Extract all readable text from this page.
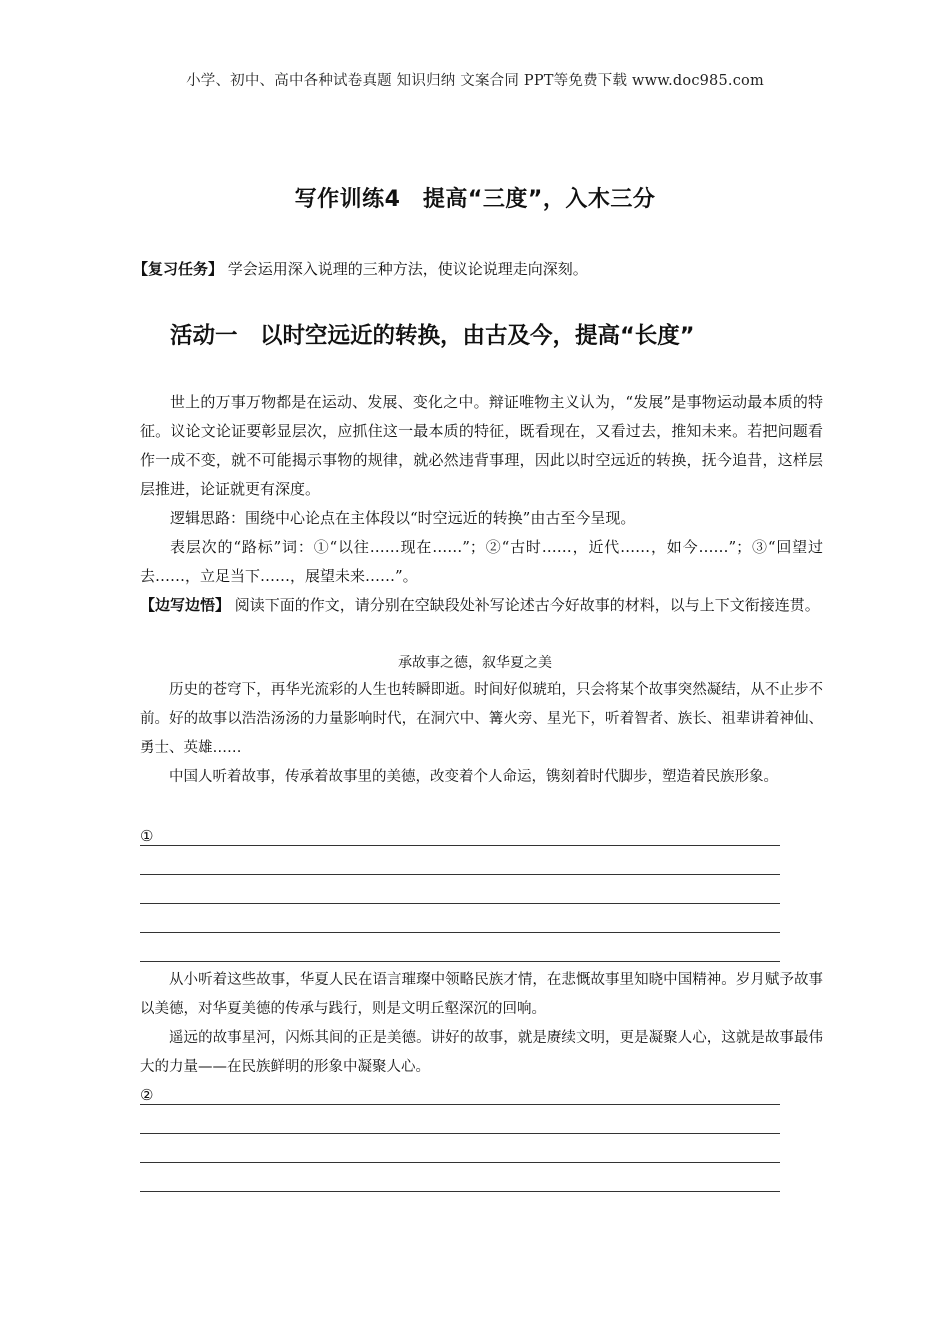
小学、初中、高中各种试卷真题 知识归纳 文案合同 PPT等免费下载 www.doc985.com
写作训练4　提高“三度”，入木三分
【复习任务】 学会运用深入说理的三种方法，使议论说理走向深刻。
活动一　以时空远近的转换，由古及今，提高“长度”

世上的万事万物都是在运动、发展、变化之中。辩证唯物主义认为，“发展”是事物运动最本质的特征。议论文论证要彰显层次，应抓住这一最本质的特征，既看现在，又看过去，推知未来。若把问题看作一成不变，就不可能揭示事物的规律，就必然违背事理，因此以时空远近的转换，抚今追昔，这样层层推进，论证就更有深度。

逻辑思路：围绕中心论点在主体段以“时空远近的转换”由古至今呈现。

表层次的“路标”词：①“以往……现在……”；②“古时……，近代……，如今……”；③“回望过去……，立足当下……，展望未来……”。

【边写边悟】 阅读下面的作文，请分别在空缺段处补写论述古今好故事的材料，以与上下文衔接连贯。

承故事之德，叙华夏之美

历史的苍穹下，再华光流彩的人生也转瞬即逝。时间好似琥珀，只会将某个故事突然凝结，从不止步不前。好的故事以浩浩汤汤的力量影响时代，在洞穴中、篝火旁、星光下，听着智者、族长、祖辈讲着神仙、勇士、英雄……

中国人听着故事，传承着故事里的美德，改变着个人命运，镌刻着时代脚步，塑造着民族形象。

①

从小听着这些故事，华夏人民在语言璀璨中领略民族才情，在悲慨故事里知晓中国精神。岁月赋予故事以美德，对华夏美德的传承与践行，则是文明丘壑深沉的回响。

遥远的故事星河，闪烁其间的正是美德。讲好的故事，就是赓续文明，更是凝聚人心，这就是故事最伟大的力量——在民族鲜明的形象中凝聚人心。

②
